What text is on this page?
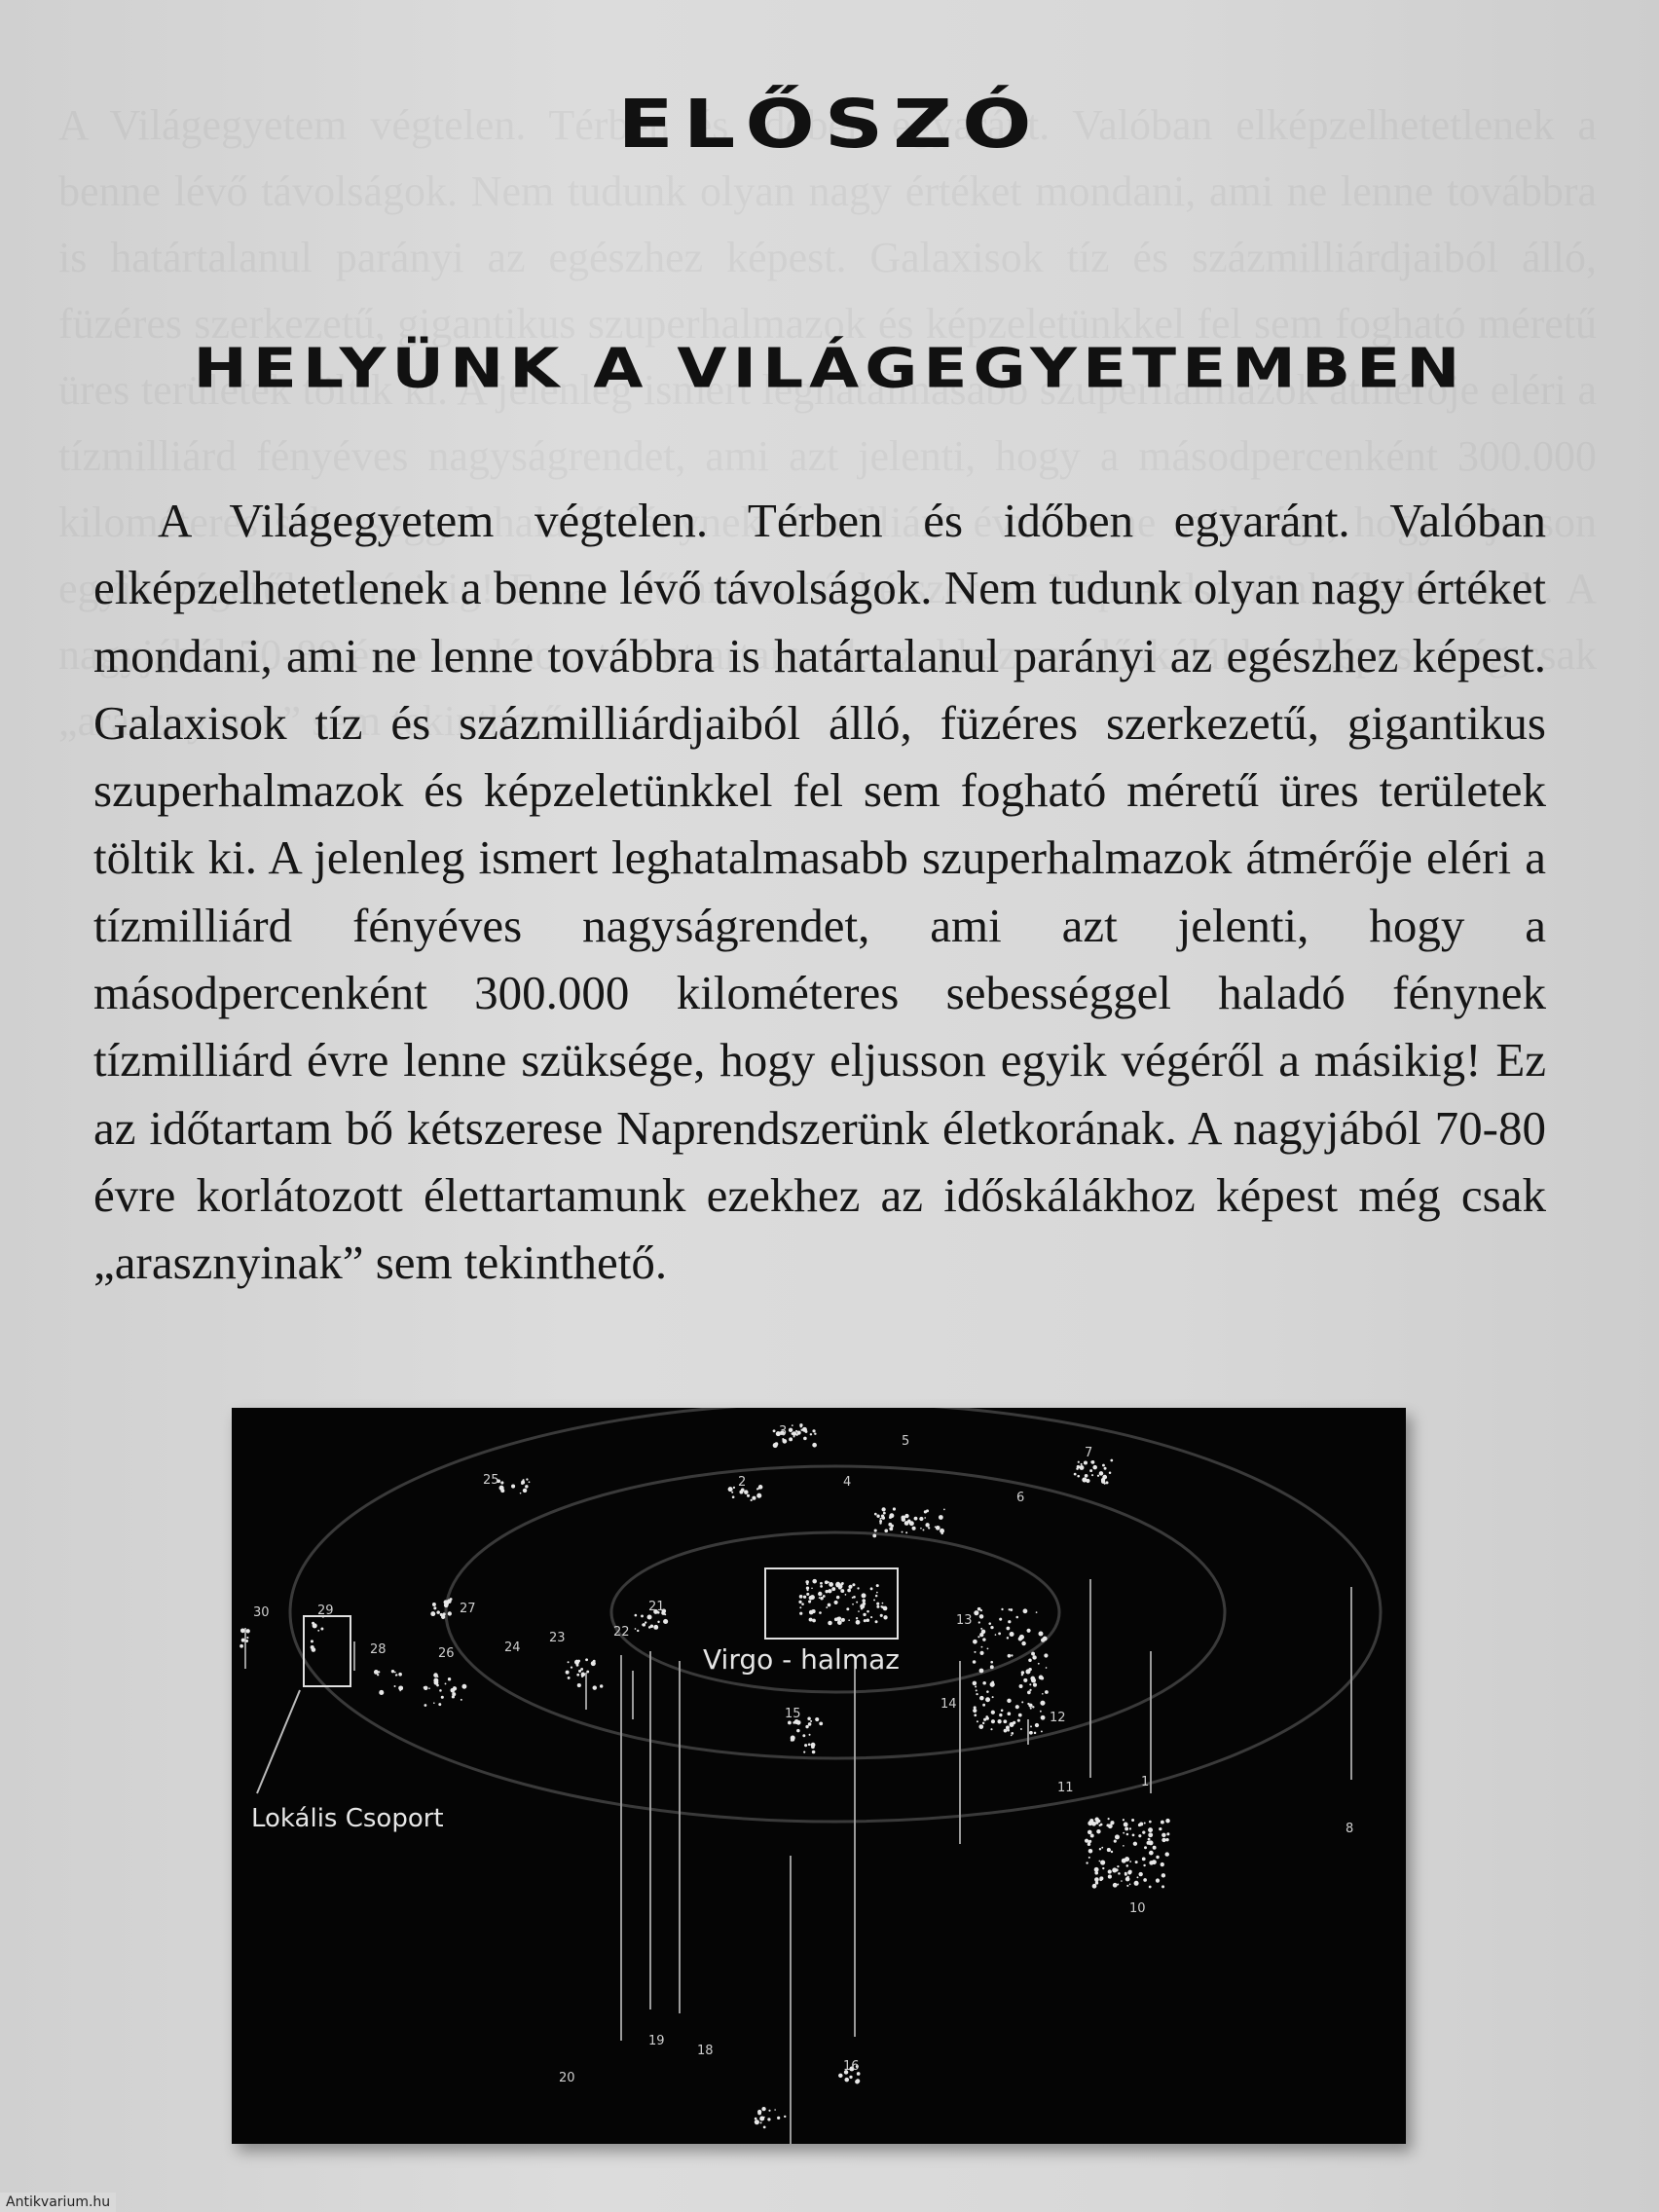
ELŐSZÓ
HELYÜNK A VILÁGEGYETEMBEN

A Világegyetem végtelen. Térben és időben egyaránt. Valóban elképzelhetetlenek a benne lévő távolságok. Nem tudunk olyan nagy értéket mondani, ami ne lenne továbbra is határtalanul parányi az egészhez képest. Galaxisok tíz és százmilliárdjaiból álló, füzéres szerkezetű, gigantikus szuperhalmazok és képzeletünkkel fel sem fogható méretű üres területek töltik ki. A jelenleg ismert leghatalmasabb szuperhalmazok átmérője eléri a tízmilliárd fényéves nagyságrendet, ami azt jelenti, hogy a másodpercenként 300.000 kilométeres sebességgel haladó fénynek tízmilliárd évre lenne szüksége, hogy eljusson egyik végéről a másikig! Ez az időtartam bő kétszerese Naprendszerünk életkorának. A nagyjából 70-80 évre korlátozott élettartamunk ezekhez az időskálákhoz képest még csak „arasznyinak” sem tekinthető.

Virgo - halmaz
Lokális Csoport
1
2
3
4
5
6
7
8
10
11
12
13
14
15
16
18
19
20
21
22
23
24
25
26
27
28
29
30
Antikvarium.hu
